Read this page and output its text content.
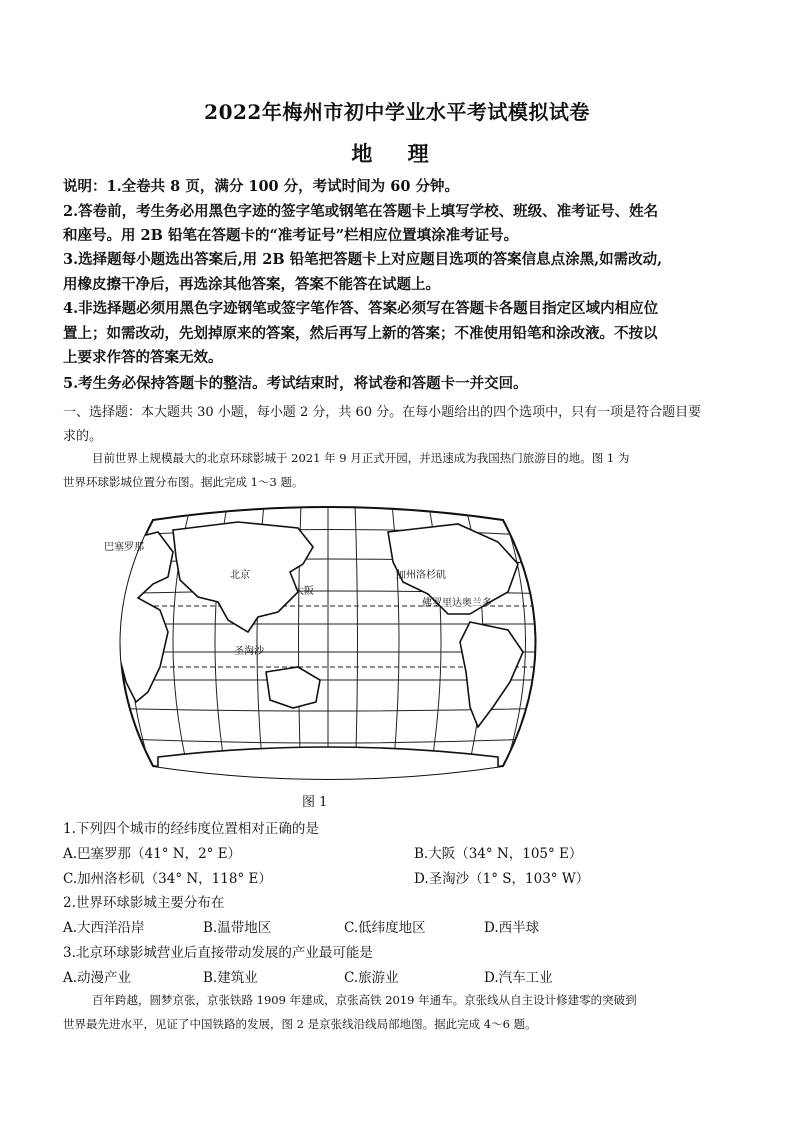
2022年梅州市初中学业水平考试模拟试卷
地 理
说明：1.全卷共 8 页，满分 100 分，考试时间为 60 分钟。
2.答卷前，考生务必用黑色字迹的签字笔或钢笔在答题卡上填写学校、班级、准考证号、姓名
和座号。用 2B 铅笔在答题卡的“准考证号”栏相应位置填涂准考证号。
3.选择题每小题选出答案后,用 2B 铅笔把答题卡上对应题目选项的答案信息点涂黑,如需改动,
用橡皮擦干净后，再选涂其他答案，答案不能答在试题上。
4.非选择题必须用黑色字迹钢笔或签字笔作答、答案必须写在答题卡各题目指定区域内相应位
置上；如需改动，先划掉原来的答案，然后再写上新的答案；不准使用铅笔和涂改液。不按以
上要求作答的答案无效。
5.考生务必保持答题卡的整洁。考试结束时，将试卷和答题卡一并交回。
一、选择题：本大题共 30 小题，每小题 2 分，共 60 分。在每小题给出的四个选项中，只有一项是符合题目要
求的。
目前世界上规模最大的北京环球影城于 2021 年 9 月正式开园，并迅速成为我国热门旅游目的地。图 1 为
世界环球影城位置分布图。据此完成 1～3 题。
巴塞罗那
北京
大阪
加州洛杉矶
佛罗里达奥兰多
圣淘沙
图 1
1.下列四个城市的经纬度位置相对正确的是
A.巴塞罗那（41° N，2° E）	B.大阪（34° N，105° E）
C.加州洛杉矶（34° N，118° E）	D.圣淘沙（1° S，103° W）
2.世界环球影城主要分布在
A.大西洋沿岸	B.温带地区	C.低纬度地区	D.西半球
3.北京环球影城营业后直接带动发展的产业最可能是
A.动漫产业	B.建筑业	C.旅游业	D.汽车工业
百年跨越，圆梦京张，京张铁路 1909 年建成，京张高铁 2019 年通车。京张线从自主设计修建零的突破到
世界最先进水平，见证了中国铁路的发展，图 2 是京张线沿线局部地图。据此完成 4～6 题。
